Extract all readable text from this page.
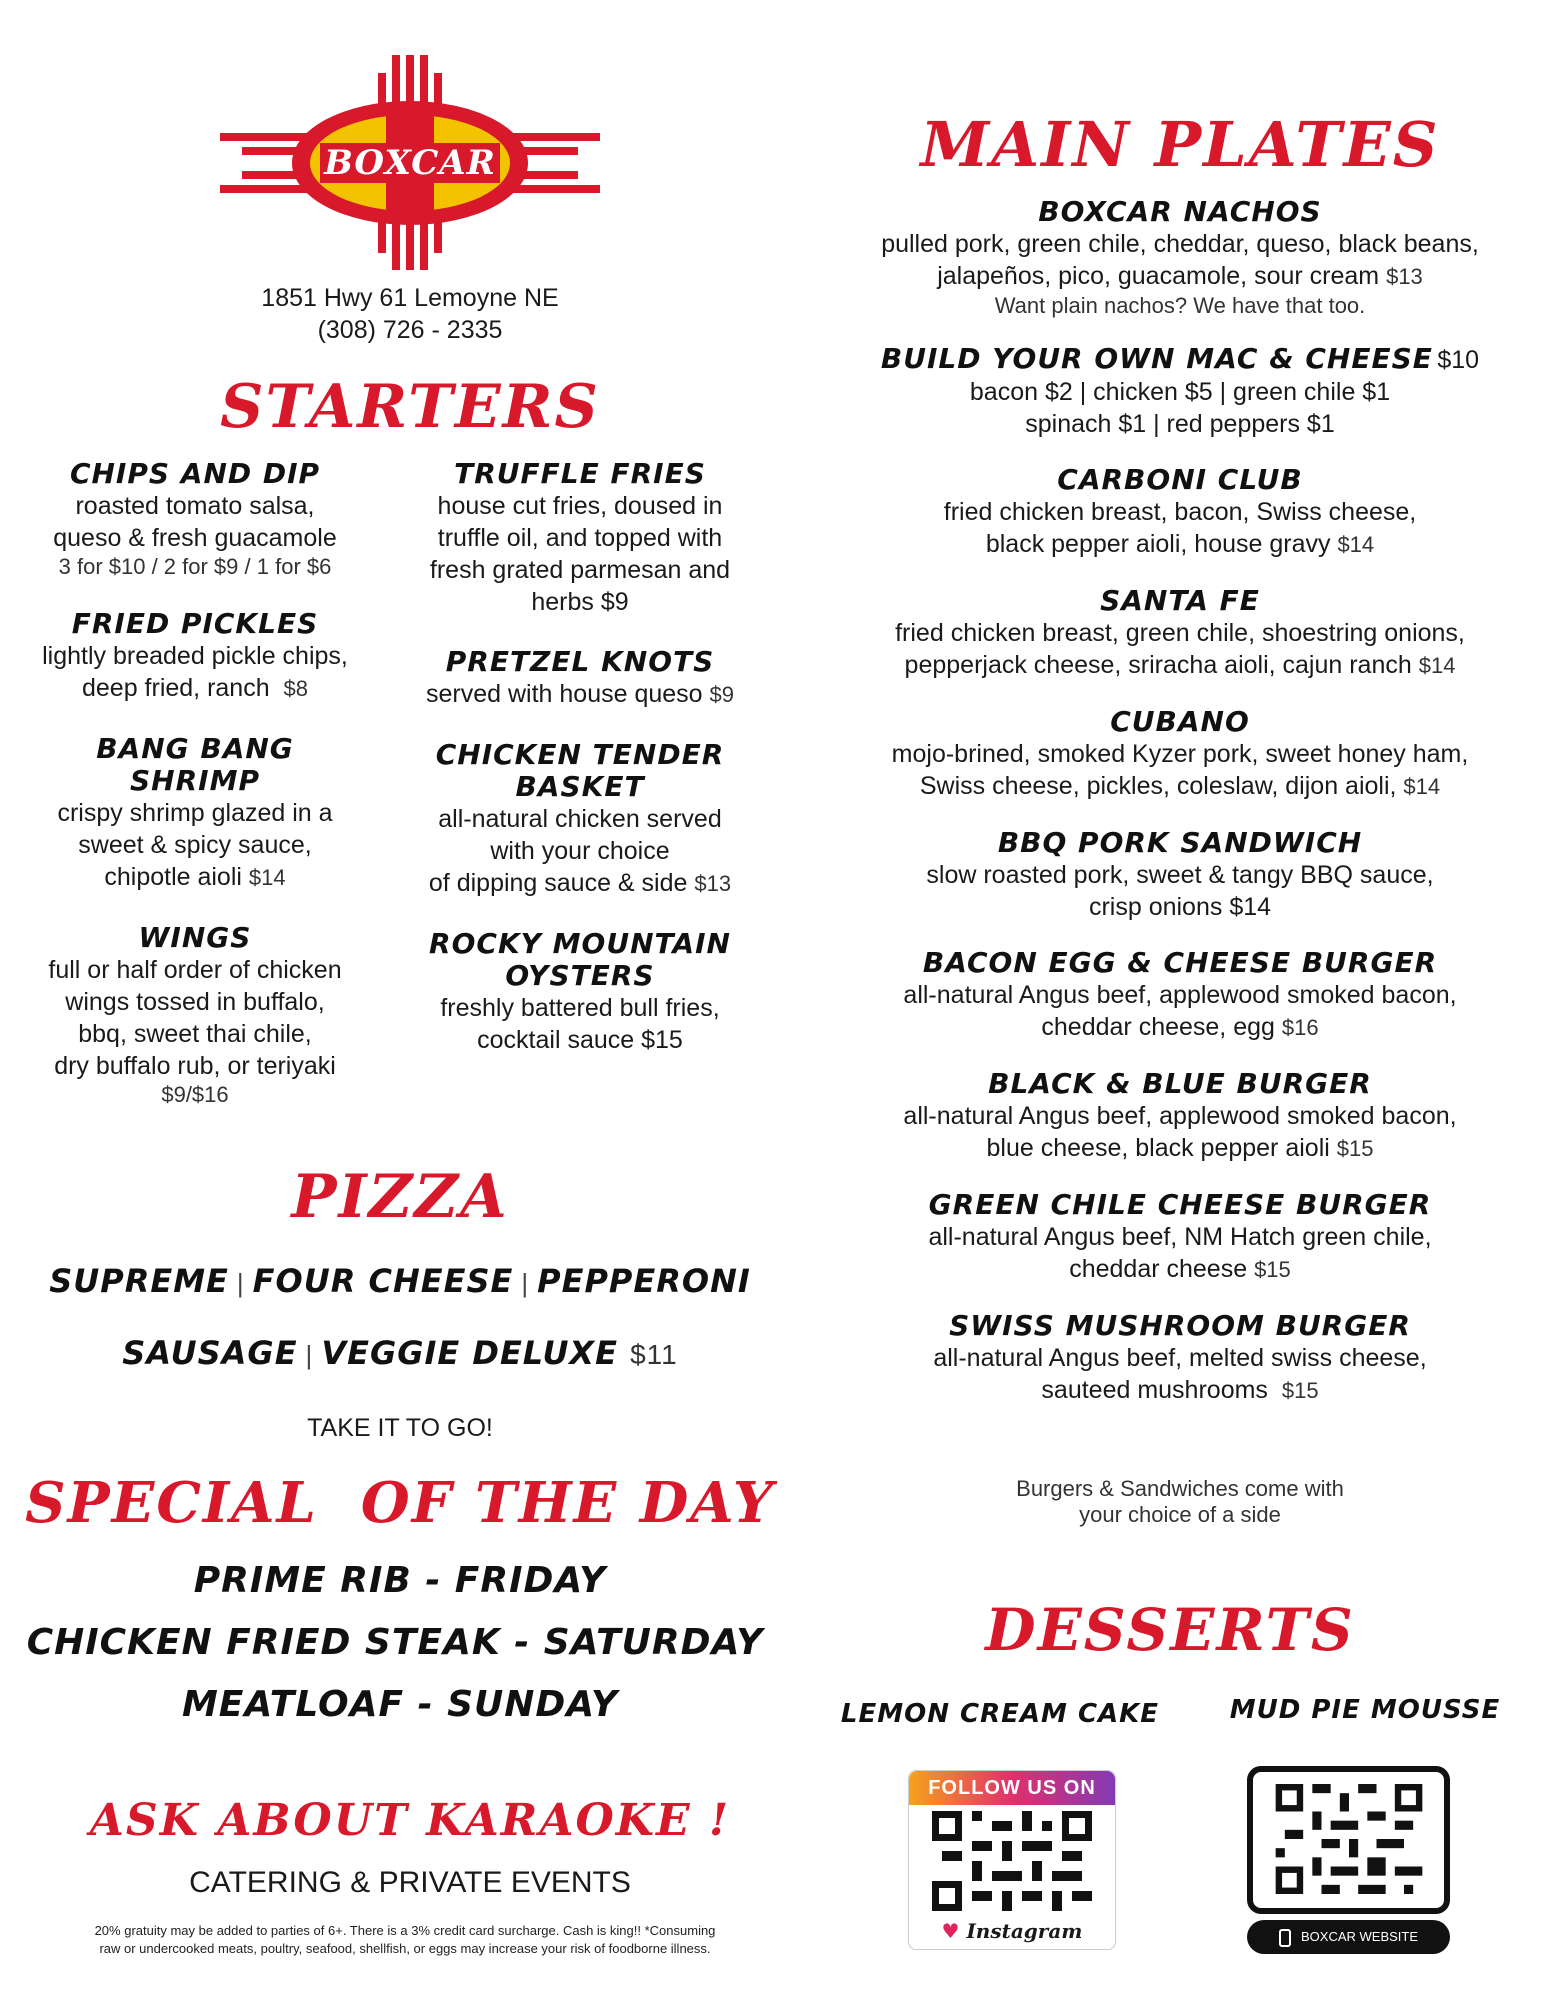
BOXCAR
1851 Hwy 61 Lemoyne NE
(308) 726 - 2335
STARTERS
CHIPS AND DIP
roasted tomato salsa,
queso & fresh guacamole
3 for $10 / 2 for $9 / 1 for $6
FRIED PICKLES
lightly breaded pickle chips,
deep fried, ranch $8
BANG BANG
SHRIMP
crispy shrimp glazed in a
sweet & spicy sauce,
chipotle aioli $14
WINGS
full or half order of chicken
wings tossed in buffalo,
bbq, sweet thai chile,
dry buffalo rub, or teriyaki
$9/$16
TRUFFLE FRIES
house cut fries, doused in
truffle oil, and topped with
fresh grated parmesan and
herbs $9
PRETZEL KNOTS
served with house queso $9
CHICKEN TENDER
BASKET
all-natural chicken served
with your choice
of dipping sauce & side $13
ROCKY MOUNTAIN
OYSTERS
freshly battered bull fries,
cocktail sauce $15
PIZZA
SUPREME | FOUR CHEESE | PEPPERONI
SAUSAGE | VEGGIE DELUXE $11
TAKE IT TO GO!
SPECIAL  OF THE DAY
PRIME RIB - FRIDAY
CHICKEN FRIED STEAK - SATURDAY
MEATLOAF - SUNDAY
ASK ABOUT KARAOKE !
CATERING & PRIVATE EVENTS
20% gratuity may be added to parties of 6+. There is a 3% credit card surcharge. Cash is king!! *Consuming
raw or undercooked meats, poultry, seafood, shellfish, or eggs may increase your risk of foodborne illness.
MAIN PLATES
BOXCAR NACHOS
pulled pork, green chile, cheddar, queso, black beans,
jalapeños, pico, guacamole, sour cream $13
Want plain nachos? We have that too.
BUILD YOUR OWN MAC & CHEESE $10
bacon $2 | chicken $5 | green chile $1
spinach $1 | red peppers $1
CARBONI CLUB
fried chicken breast, bacon, Swiss cheese,
black pepper aioli, house gravy $14
SANTA FE
fried chicken breast, green chile, shoestring onions,
pepperjack cheese, sriracha aioli, cajun ranch $14
CUBANO
mojo-brined, smoked Kyzer pork, sweet honey ham,
Swiss cheese, pickles, coleslaw, dijon aioli, $14
BBQ PORK SANDWICH
slow roasted pork, sweet & tangy BBQ sauce,
crisp onions $14
BACON EGG & CHEESE BURGER
all-natural Angus beef, applewood smoked bacon,
cheddar cheese, egg $16
BLACK & BLUE BURGER
all-natural Angus beef, applewood smoked bacon,
blue cheese, black pepper aioli $15
GREEN CHILE CHEESE BURGER
all-natural Angus beef, NM Hatch green chile,
cheddar cheese $15
SWISS MUSHROOM BURGER
all-natural Angus beef, melted swiss cheese,
sauteed mushrooms $15
Burgers & Sandwiches come with
your choice of a side
DESSERTS
LEMON CREAM CAKE	MUD PIE MOUSSE
FOLLOW US ON
♥ Instagram	BOXCAR WEBSITE
